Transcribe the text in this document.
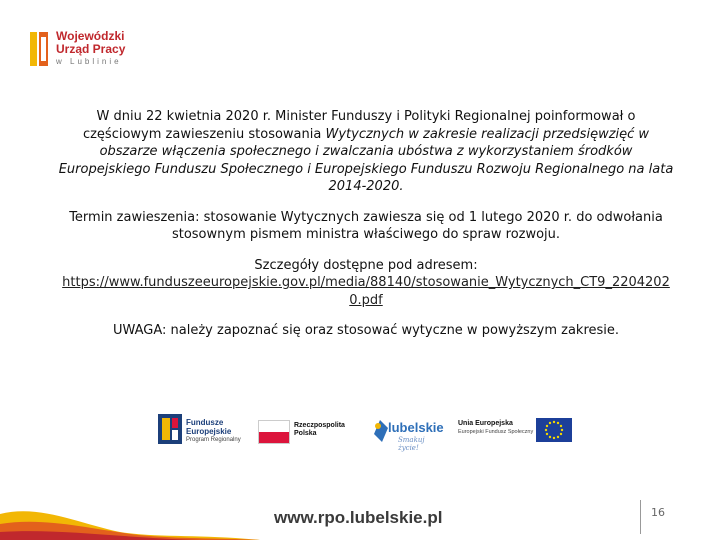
Wojewódzki
Urząd Pracy
w Lublinie

W dniu 22 kwietnia 2020 r. Minister Funduszy i Polityki Regionalnej poinformował o częściowym zawieszeniu stosowania Wytycznych w zakresie realizacji przedsięwzięć w obszarze włączenia społecznego i zwalczania ubóstwa z wykorzystaniem środków Europejskiego Funduszu Społecznego i Europejskiego Funduszu Rozwoju Regionalnego na lata 2014-2020.

Termin zawieszenia: stosowanie Wytycznych zawiesza się od 1 lutego 2020 r. do odwołania stosownym pismem ministra właściwego do spraw rozwoju.

Szczegóły dostępne pod adresem:
https://www.funduszeeuropejskie.gov.pl/media/88140/stosowanie_Wytycznych_CT9_22042020.pdf

UWAGA: należy zapoznać się oraz stosować wytyczne w powyższym zakresie.

Fundusze
Europejskie
Program Regionalny
Rzeczpospolita
Polska	lubelskie
Smakuj życie!
Unia Europejska
Europejski Fundusz Społeczny
www.rpo.lubelskie.pl	16
